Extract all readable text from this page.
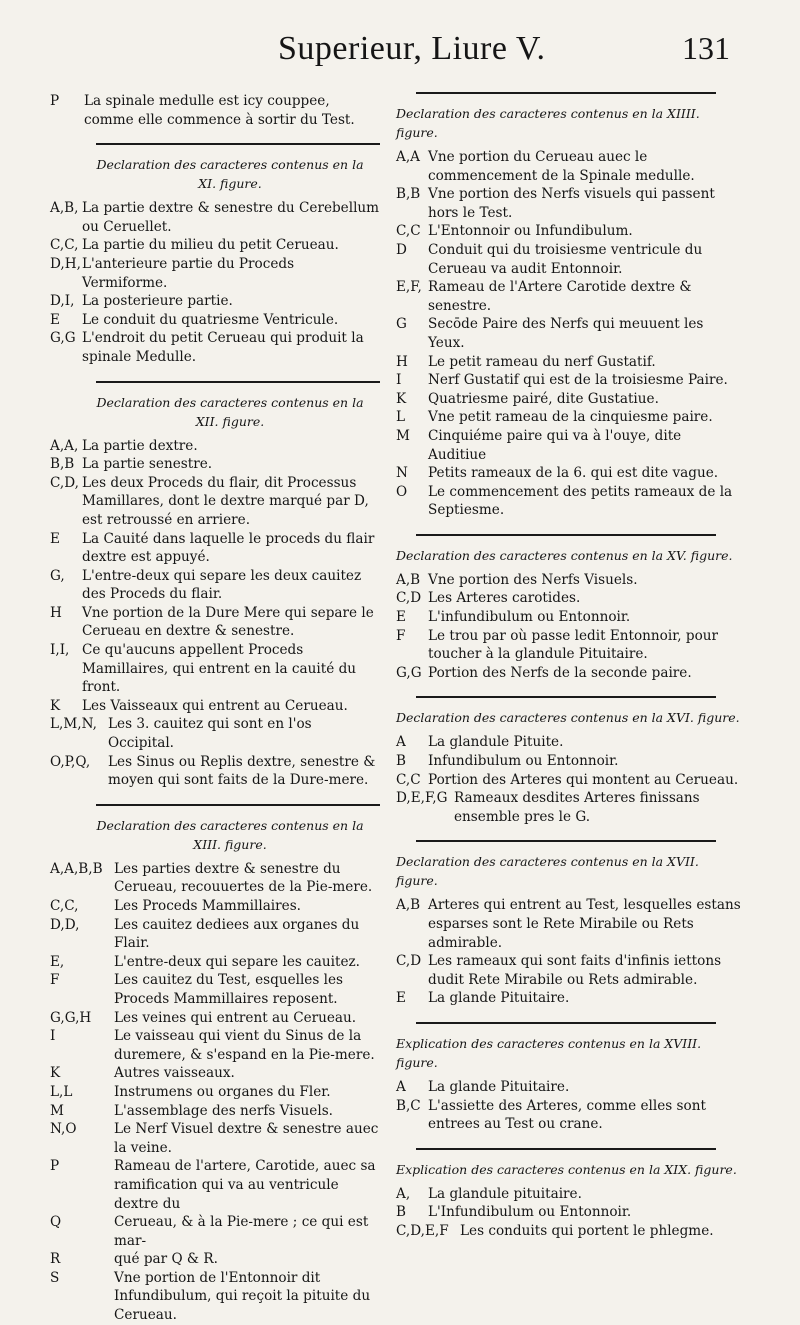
Superieur, Liure V.	131
P	La spinale medulle est icy couppee, comme elle commence à sortir du Test.
Declaration des caracteres contenus en la XI. figure.
A,B, La partie dextre & senestre du Cerebellum ou Ceruellet.
C,C, La partie du milieu du petit Cerueau.
D,H, L'anterieure partie du Proceds Vermiforme.
D,I, La posterieure partie.
E	Le conduit du quatriesme Ventricule.
G,G L'endroit du petit Cerueau qui produit la spinale Medulle.
Declaration des caracteres contenus en la XII. figure.
A,A, La partie dextre.
B,B La partie senestre.
C,D, Les deux Proceds du flair, dit Processus Mamillares, dont le dextre marqué par D, est retroussé en arriere.
E	La Cauité dans laquelle le proceds du flair dextre est appuyé.
G,	L'entre-deux qui separe les deux cauitez des Proceds du flair.
H	Vne portion de la Dure Mere qui separe le Cerueau en dextre & senestre.
I,I, Ce qu'aucuns appellent Proceds Mamillaires, qui entrent en la cauité du front.
K	Les Vaisseaux qui entrent au Cerueau.
L,M,N, Les 3. cauitez qui sont en l'os Occipital.
O,P,Q,	Les Sinus ou Replis dextre, senestre & moyen qui sont faits de la Dure-mere.
Declaration des caracteres contenus en la XIII. figure.
A,A,B,B Les parties dextre & senestre du Cerueau, recouuertes de la Pie-mere.
C,C,	Les Proceds Mammillaires.
D,D,	Les cauitez dediees aux organes du Flair.
E,	L'entre-deux qui separe les cauitez.
F	Les cauitez du Test, esquelles les Proceds Mammillaires reposent.
G,G,H	Les veines qui entrent au Cerueau.
I	Le vaisseau qui vient du Sinus de la duremere, & s'espand en la Pie-mere.
K	Autres vaisseaux.
L,L	Instrumens ou organes du Fler.
M	L'assemblage des nerfs Visuels.
N,O	Le Nerf Visuel dextre & senestre auec la veine.
P	Rameau de l'artere, Carotide, auec sa ramification qui va au ventricule dextre du
Q	Cerueau, & à la Pie-mere ; ce qui est mar-
R	qué par Q & R.
S	Vne portion de l'Entonnoir dit Infundibulum, qui reçoit la pituite du Cerueau.
Declaration des caracteres contenus en la XIIII. figure.
A,A Vne portion du Cerueau auec le commencement de la Spinale medulle.
B,B Vne portion des Nerfs visuels qui passent hors le Test.
C,C L'Entonnoir ou Infundibulum.
D	Conduit qui du troisiesme ventricule du Cerueau va audit Entonnoir.
E,F, Rameau de l'Artere Carotide dextre & senestre.
G	Secōde Paire des Nerfs qui meuuent les Yeux.
H	Le petit rameau du nerf Gustatif.
I	Nerf Gustatif qui est de la troisiesme Paire.
K	Quatriesme pairé, dite Gustatiue.
L	Vne petit rameau de la cinquiesme paire.
M	Cinquiéme paire qui va à l'ouye, dite Auditiue
N	Petits rameaux de la 6. qui est dite vague.
O	Le commencement des petits rameaux de la Septiesme.
Declaration des caracteres contenus en la XV. figure.
A,B Vne portion des Nerfs Visuels.
C,D Les Arteres carotides.
E	L'infundibulum ou Entonnoir.
F	Le trou par où passe ledit Entonnoir, pour toucher à la glandule Pituitaire.
G,G Portion des Nerfs de la seconde paire.
Declaration des caracteres contenus en la XVI. figure.
A	La glandule Pituite.
B	Infundibulum ou Entonnoir.
C,C Portion des Arteres qui montent au Cerueau.
D,E,F,G Rameaux desdites Arteres finissans ensemble pres le G.
Declaration des caracteres contenus en la XVII. figure.
A,B Arteres qui entrent au Test, lesquelles estans esparses sont le Rete Mirabile ou Rets admirable.
C,D Les rameaux qui sont faits d'infinis iettons dudit Rete Mirabile ou Rets admirable.
E	La glande Pituitaire.
Explication des caracteres contenus en la XVIII. figure.
A	La glande Pituitaire.
B,C L'assiette des Arteres, comme elles sont entrees au Test ou crane.
Explication des caracteres contenus en la XIX. figure.
A,	La glandule pituitaire.
B	L'Infundibulum ou Entonnoir.
C,D,E,F Les conduits qui portent le phlegme.
